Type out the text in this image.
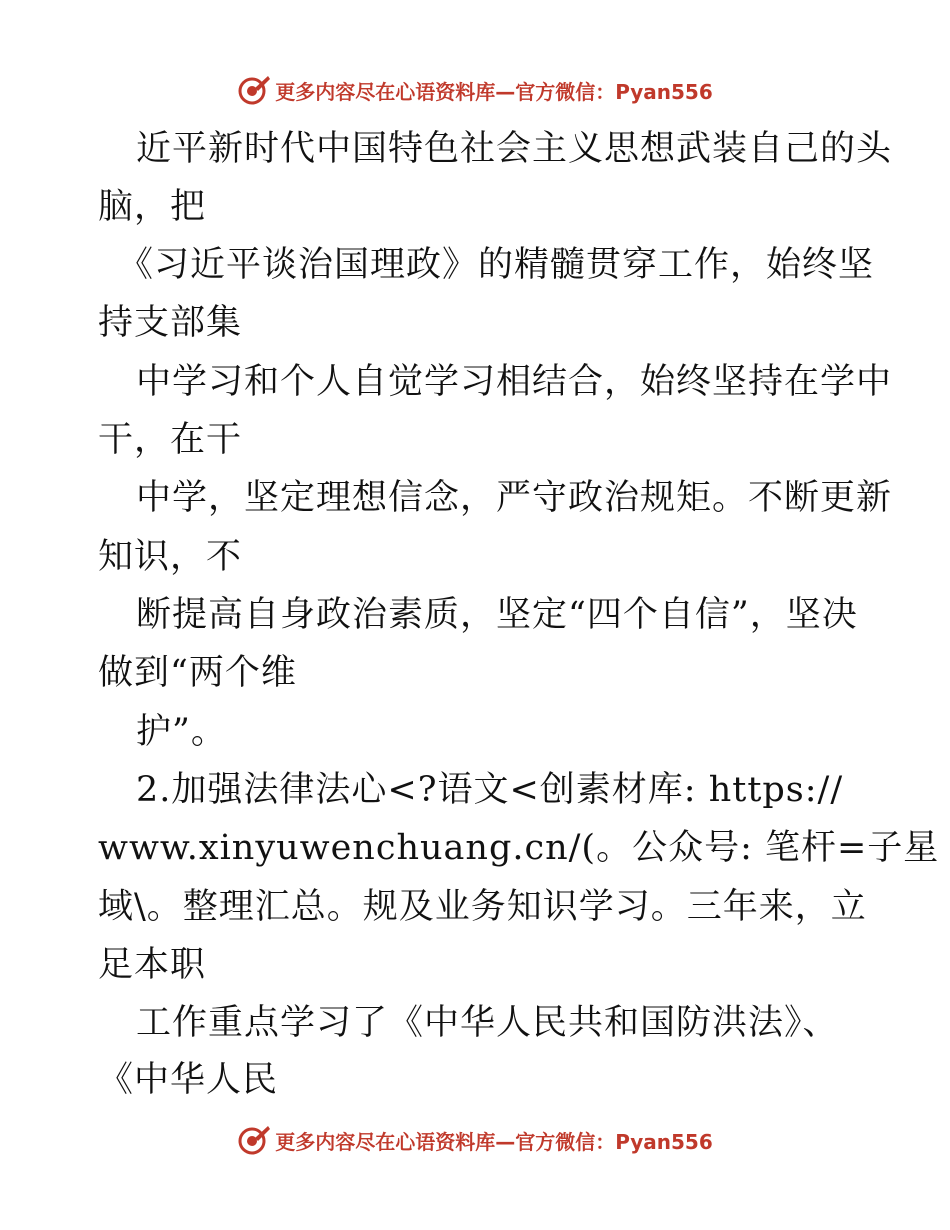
更多内容尽在心语资料库—官方微信：Pyan556
近平新时代中国特色社会主义思想武装自己的头
脑，把
《习近平谈治国理政》的精髓贯穿工作，始终坚
持支部集
中学习和个人自觉学习相结合，始终坚持在学中
干，在干
中学，坚定理想信念，严守政治规矩。不断更新
知识，不
断提高自身政治素质，坚定“四个自信”，坚决
做到“两个维
护”。
2.加强法律法心<?语文<创素材库: https://
www.xinyuwenchuang.cn/(。公众号: 笔杆=子星
域\。整理汇总。规及业务知识学习。三年来，立
足本职
工作重点学习了《中华人民共和国防洪法》、
《中华人民
更多内容尽在心语资料库—官方微信：Pyan556
